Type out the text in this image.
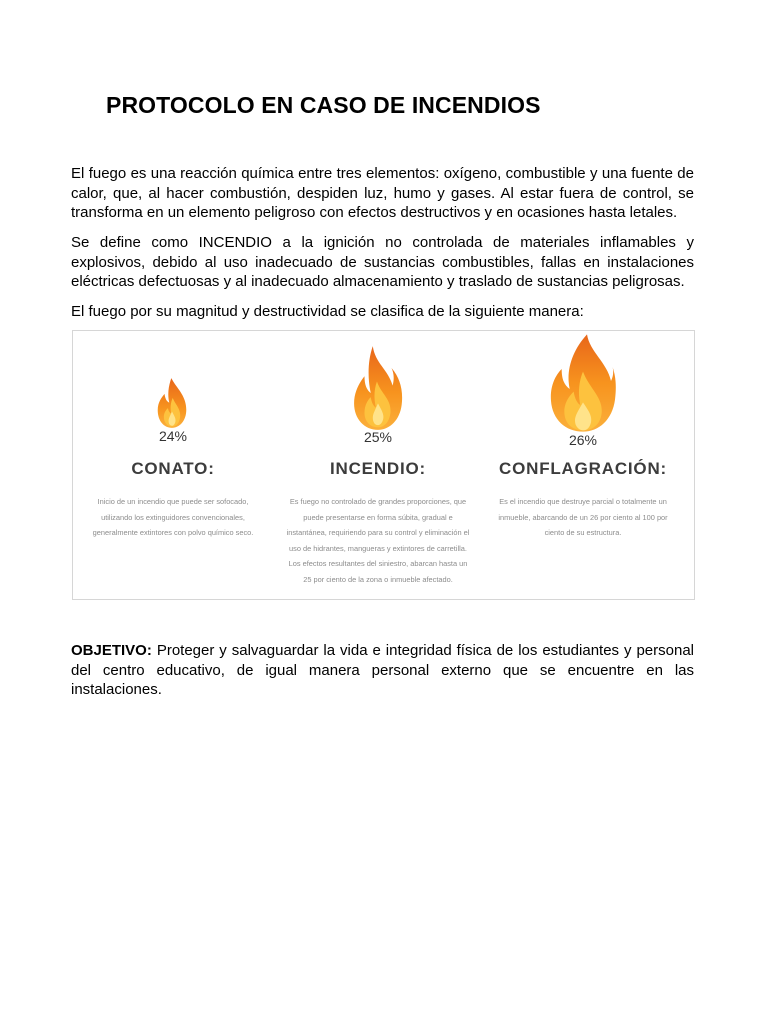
PROTOCOLO EN CASO DE INCENDIOS

El fuego es una reacción química entre tres elementos: oxígeno, combustible y una fuente de calor, que, al hacer combustión, despiden luz, humo y gases. Al estar fuera de control, se transforma en un elemento peligroso con efectos destructivos y en ocasiones hasta letales.

Se define como INCENDIO a la ignición no controlada de materiales inflamables y explosivos, debido al uso inadecuado de sustancias combustibles, fallas en instalaciones eléctricas defectuosas y al inadecuado almacenamiento y traslado de sustancias peligrosas.

El fuego por su magnitud y destructividad se clasifica de la siguiente manera:

24%
CONATO:

Inicio de un incendio que puede ser sofocado, utilizando los extinguidores convencionales, generalmente extintores con polvo químico seco.

25%
INCENDIO:

Es fuego no controlado de grandes proporciones, que puede presentarse en forma súbita, gradual e instantánea, requiriendo para su control y eliminación el uso de hidrantes, mangueras y extintores de carretilla. Los efectos resultantes del siniestro, abarcan hasta un 25 por ciento de la zona o inmueble afectado.

26%
CONFLAGRACIÓN:

Es el incendio que destruye parcial o totalmente un inmueble, abarcando de un 26 por ciento al 100 por ciento de su estructura.

OBJETIVO: Proteger y salvaguardar la vida e integridad física de los estudiantes y personal del centro educativo, de igual manera personal externo que se encuentre en las instalaciones.
